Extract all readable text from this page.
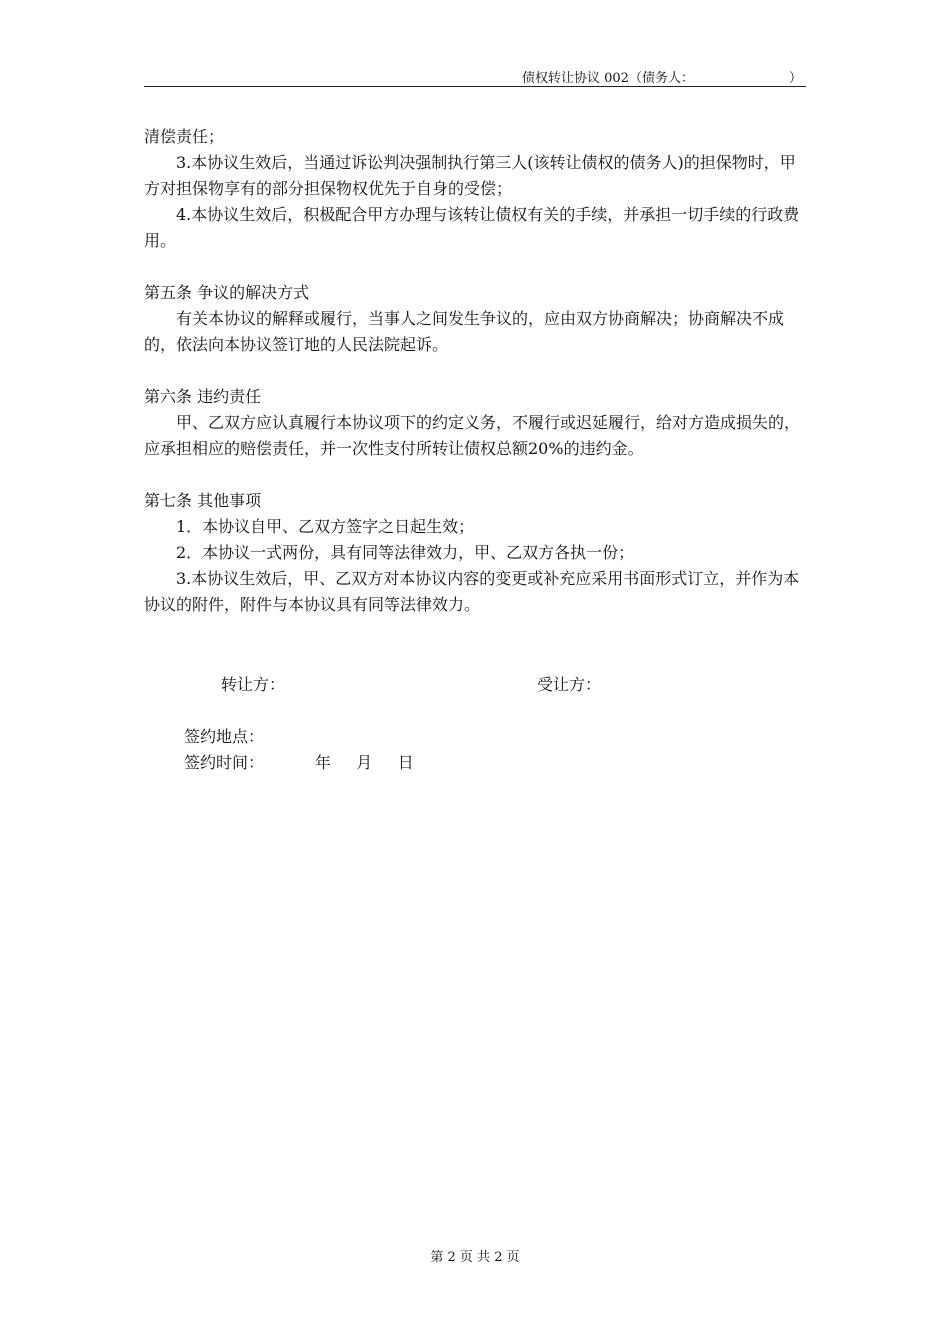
债权转让协议 002（债务人：                       ）

清偿责任；

3.本协议生效后，当通过诉讼判决强制执行第三人(该转让债权的债务人)的担保物时，甲方对担保物享有的部分担保物权优先于自身的受偿；

4.本协议生效后，积极配合甲方办理与该转让债权有关的手续，并承担一切手续的行政费用。

第五条 争议的解决方式

有关本协议的解释或履行，当事人之间发生争议的，应由双方协商解决；协商解决不成的，依法向本协议签订地的人民法院起诉。

第六条 违约责任

甲、乙双方应认真履行本协议项下的约定义务，不履行或迟延履行，给对方造成损失的，应承担相应的赔偿责任，并一次性支付所转让债权总额20%的违约金。

第七条 其他事项

1．本协议自甲、乙双方签字之日起生效；

2．本协议一式两份，具有同等法律效力，甲、乙双方各执一份；

3.本协议生效后，甲、乙双方对本协议内容的变更或补充应采用书面形式订立，并作为本协议的附件，附件与本协议具有同等法律效力。

转让方：	受让方：

签约地点：

签约时间：          年     月     日

第 2 页 共 2 页
